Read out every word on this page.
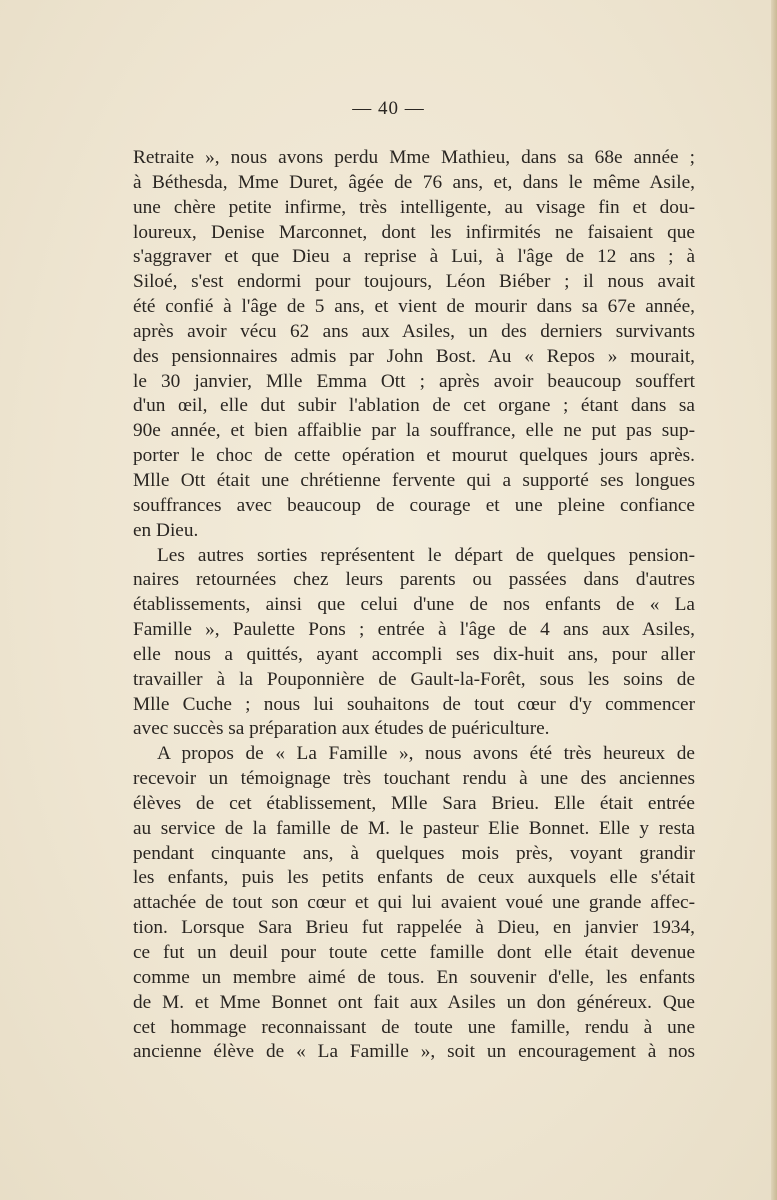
— 40 —
Retraite », nous avons perdu Mme Mathieu, dans sa 68e année ;
à Béthesda, Mme Duret, âgée de 76 ans, et, dans le même Asile,
une chère petite infirme, très intelligente, au visage fin et dou-
loureux, Denise Marconnet, dont les infirmités ne faisaient que
s'aggraver et que Dieu a reprise à Lui, à l'âge de 12 ans ; à
Siloé, s'est endormi pour toujours, Léon Biéber ; il nous avait
été confié à l'âge de 5 ans, et vient de mourir dans sa 67e année,
après avoir vécu 62 ans aux Asiles, un des derniers survivants
des pensionnaires admis par John Bost. Au « Repos » mourait,
le 30 janvier, Mlle Emma Ott ; après avoir beaucoup souffert
d'un œil, elle dut subir l'ablation de cet organe ; étant dans sa
90e année, et bien affaiblie par la souffrance, elle ne put pas sup-
porter le choc de cette opération et mourut quelques jours après.
Mlle Ott était une chrétienne fervente qui a supporté ses longues
souffrances avec beaucoup de courage et une pleine confiance
en Dieu.
Les autres sorties représentent le départ de quelques pension-
naires retournées chez leurs parents ou passées dans d'autres
établissements, ainsi que celui d'une de nos enfants de « La
Famille », Paulette Pons ; entrée à l'âge de 4 ans aux Asiles,
elle nous a quittés, ayant accompli ses dix-huit ans, pour aller
travailler à la Pouponnière de Gault-la-Forêt, sous les soins de
Mlle Cuche ; nous lui souhaitons de tout cœur d'y commencer
avec succès sa préparation aux études de puériculture.
A propos de « La Famille », nous avons été très heureux de
recevoir un témoignage très touchant rendu à une des anciennes
élèves de cet établissement, Mlle Sara Brieu. Elle était entrée
au service de la famille de M. le pasteur Elie Bonnet. Elle y resta
pendant cinquante ans, à quelques mois près, voyant grandir
les enfants, puis les petits enfants de ceux auxquels elle s'était
attachée de tout son cœur et qui lui avaient voué une grande affec-
tion. Lorsque Sara Brieu fut rappelée à Dieu, en janvier 1934,
ce fut un deuil pour toute cette famille dont elle était devenue
comme un membre aimé de tous. En souvenir d'elle, les enfants
de M. et Mme Bonnet ont fait aux Asiles un don généreux. Que
cet hommage reconnaissant de toute une famille, rendu à une
ancienne élève de « La Famille », soit un encouragement à nos
